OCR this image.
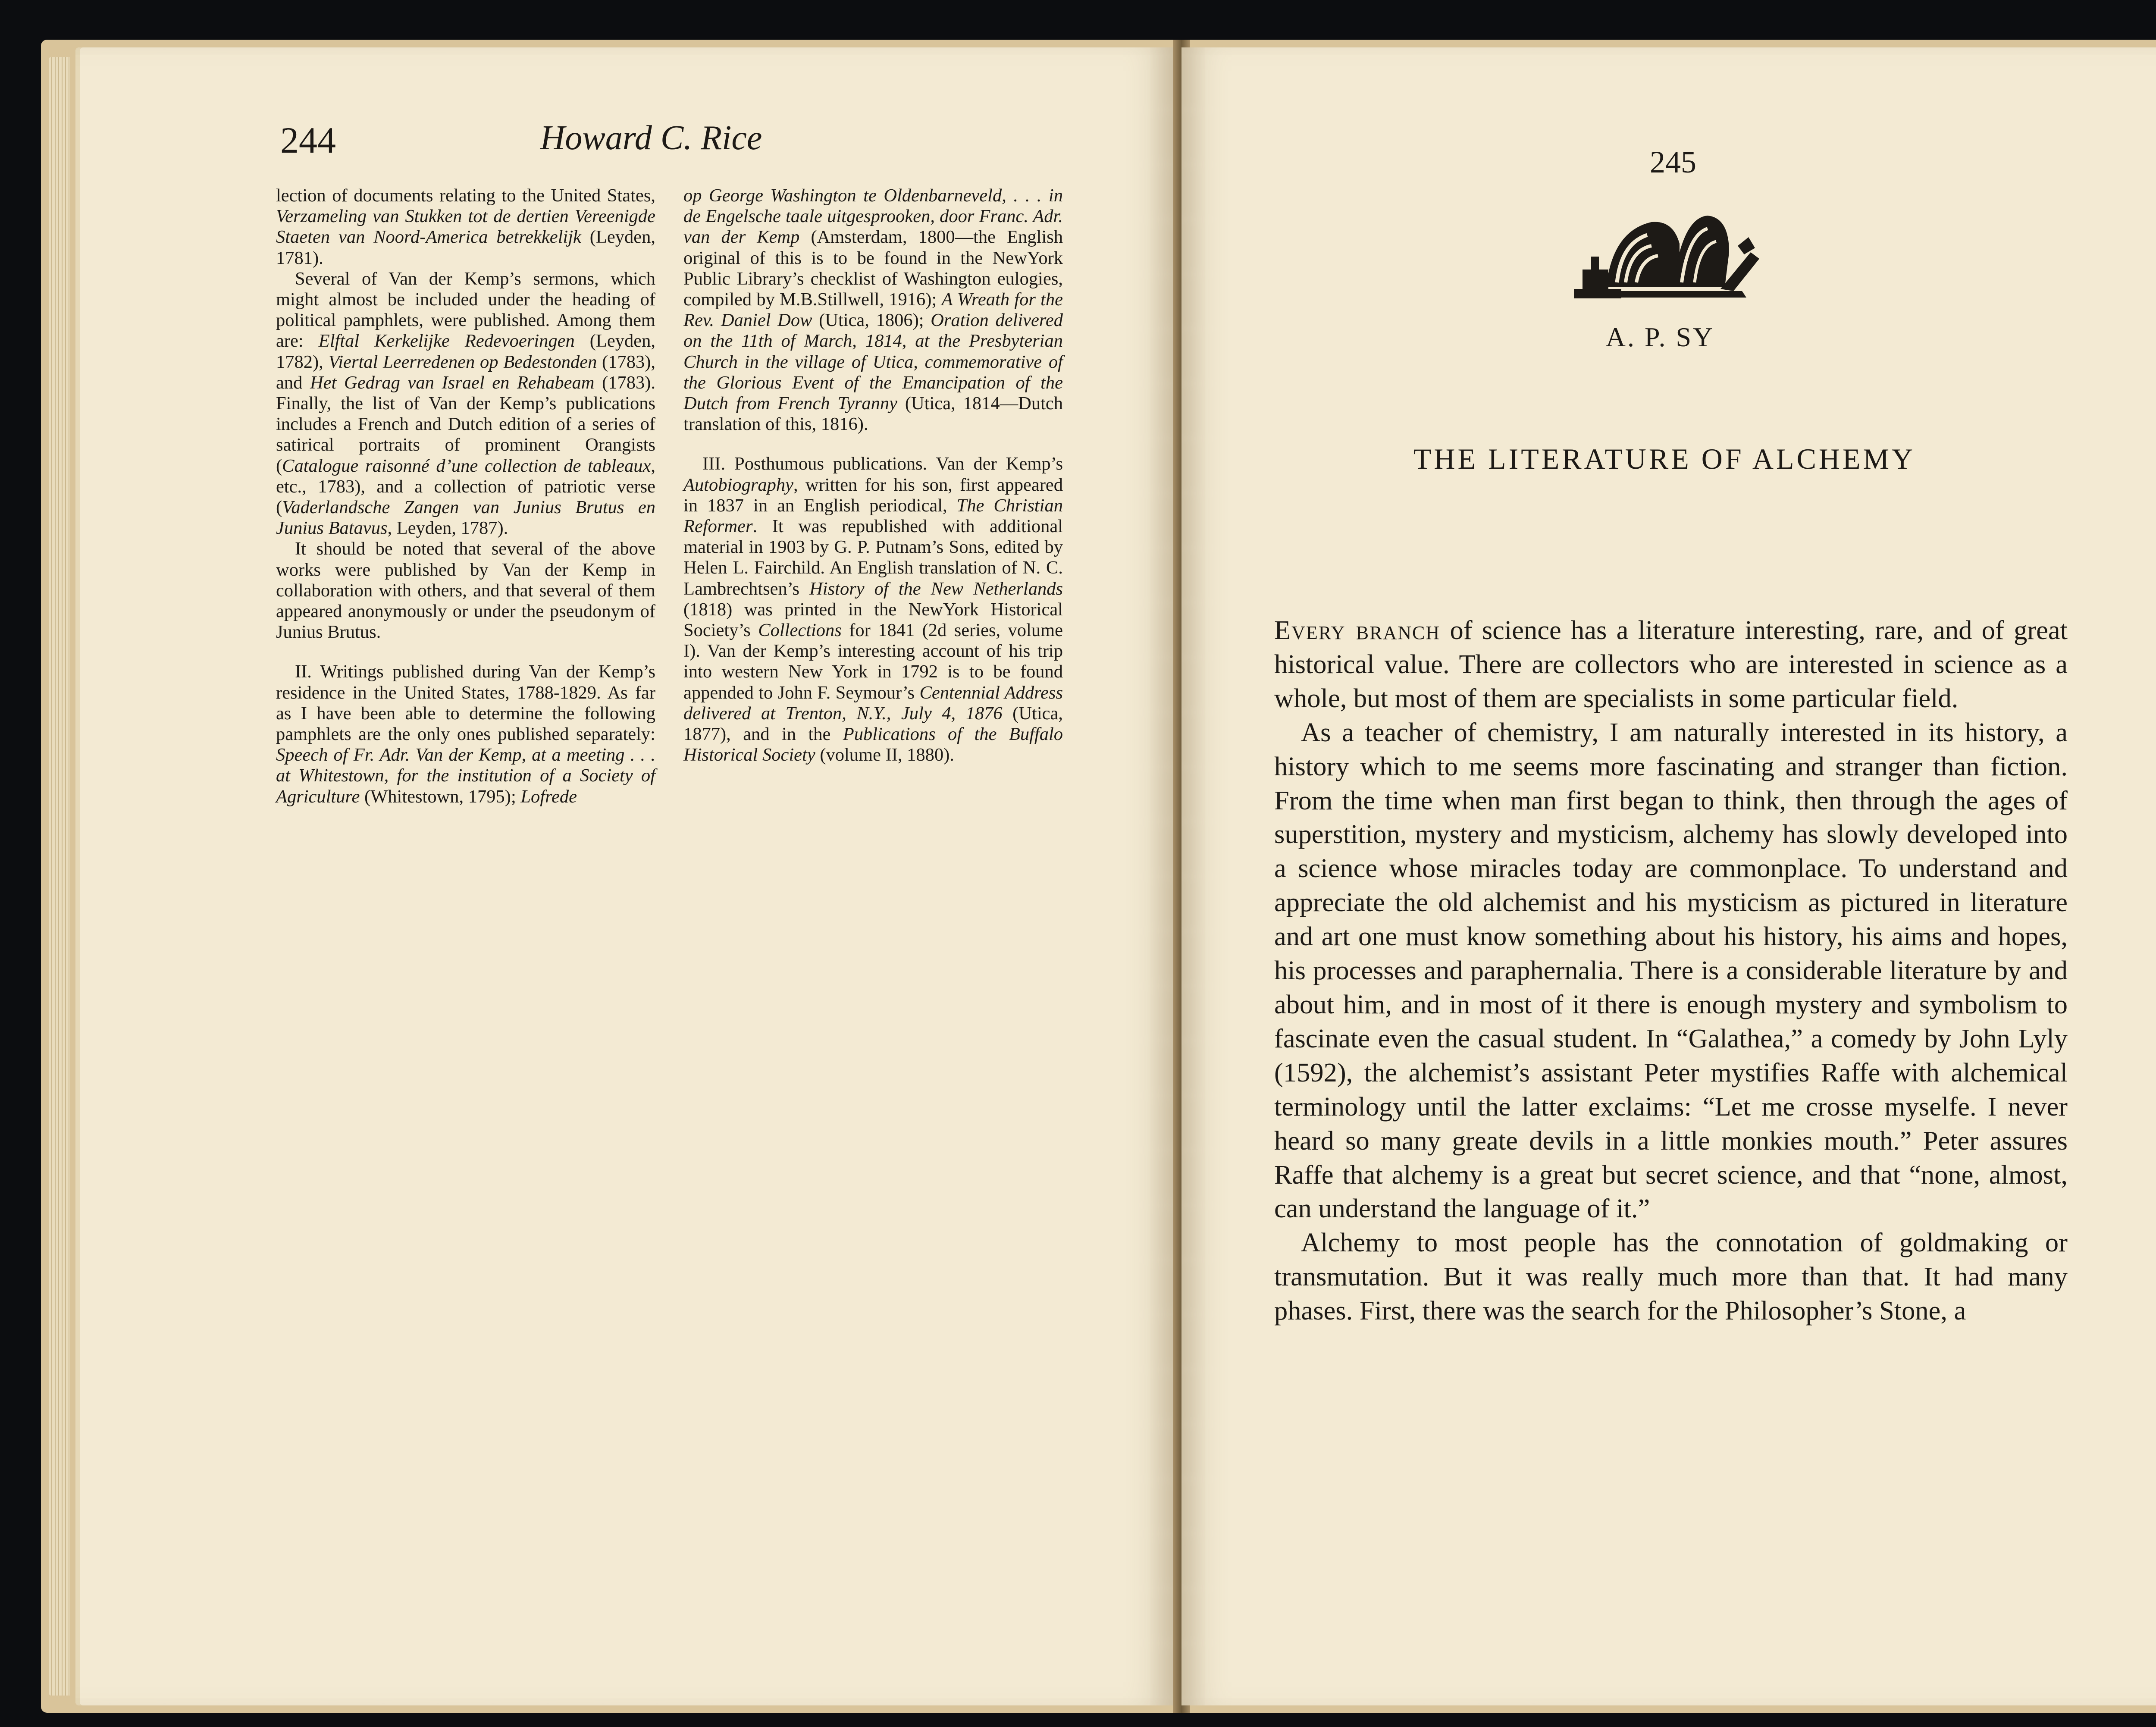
Howard C. Rice
244

lection of documents relating to the United States, Verzameling van Stukken tot de dertien Vereenigde Staeten van Noord-America betrekkelijk (Leyden, 1781).

Several of Van der Kemp’s sermons, which might almost be included under the heading of political pamphlets, were published. Among them are: Elftal Kerkelijke Redevoeringen (Leyden, 1782), Viertal Leerredenen op Bedestonden (1783), and Het Gedrag van Israel en Rehabeam (1783). Finally, the list of Van der Kemp’s publications includes a French and Dutch edition of a series of satirical portraits of prominent Orangists (Catalogue raisonné d’une collection de tableaux, etc., 1783), and a collection of patriotic verse (Vaderlandsche Zangen van Junius Brutus en Junius Batavus, Leyden, 1787).

It should be noted that several of the above works were published by Van der Kemp in collaboration with others, and that several of them appeared anonymously or under the pseudonym of Junius Brutus.

II. Writings published during Van der Kemp’s residence in the United States, 1788-1829. As far as I have been able to determine the following pamphlets are the only ones published separately: Speech of Fr. Adr. Van der Kemp, at a meeting . . . at Whitestown, for the institution of a Society of Agriculture (Whitestown, 1795); Lofrede

op George Washington te Oldenbarneveld, . . . in de Engelsche taale uitgesprooken, door Franc. Adr. van der Kemp (Amsterdam, 1800—the English original of this is to be found in the NewYork Public Library’s checklist of Washington eulogies, compiled by M.B.Stillwell, 1916); A Wreath for the Rev. Daniel Dow (Utica, 1806); Oration delivered on the 11th of March, 1814, at the Presbyterian Church in the village of Utica, commemorative of the Glorious Event of the Emancipation of the Dutch from French Tyranny (Utica, 1814—Dutch translation of this, 1816).

III. Posthumous publications. Van der Kemp’s Autobiography, written for his son, first appeared in 1837 in an English periodical, The Christian Reformer. It was republished with additional material in 1903 by G. P. Putnam’s Sons, edited by Helen L. Fairchild. An English translation of N. C. Lambrechtsen’s History of the New Netherlands (1818) was printed in the NewYork Historical Society’s Collections for 1841 (2d series, volume I). Van der Kemp’s interesting account of his trip into western New York in 1792 is to be found appended to John F. Seymour’s Centennial Address delivered at Trenton, N.Y., July 4, 1876 (Utica, 1877), and in the Publications of the Buffalo Historical Society (volume II, 1880).

245
A. P. SY
THE LITERATURE OF ALCHEMY

Every branch of science has a literature interesting, rare, and of great historical value. There are collectors who are interested in science as a whole, but most of them are specialists in some particular field.

As a teacher of chemistry, I am naturally interested in its history, a history which to me seems more fascinating and stranger than fiction. From the time when man first began to think, then through the ages of superstition, mystery and mysticism, alchemy has slowly developed into a science whose miracles today are commonplace. To understand and appreciate the old alchemist and his mysticism as pictured in literature and art one must know something about his history, his aims and hopes, his processes and paraphernalia. There is a considerable literature by and about him, and in most of it there is enough mystery and symbolism to fascinate even the casual student. In “Galathea,” a comedy by John Lyly (1592), the alchemist’s assistant Peter mystifies Raffe with alchemical terminology until the latter exclaims: “Let me crosse myselfe. I never heard so many greate devils in a little monkies mouth.” Peter assures Raffe that alchemy is a great but secret science, and that “none, almost, can understand the language of it.”

Alchemy to most people has the connotation of goldmaking or transmutation. But it was really much more than that. It had many phases. First, there was the search for the Philosopher’s Stone, a
